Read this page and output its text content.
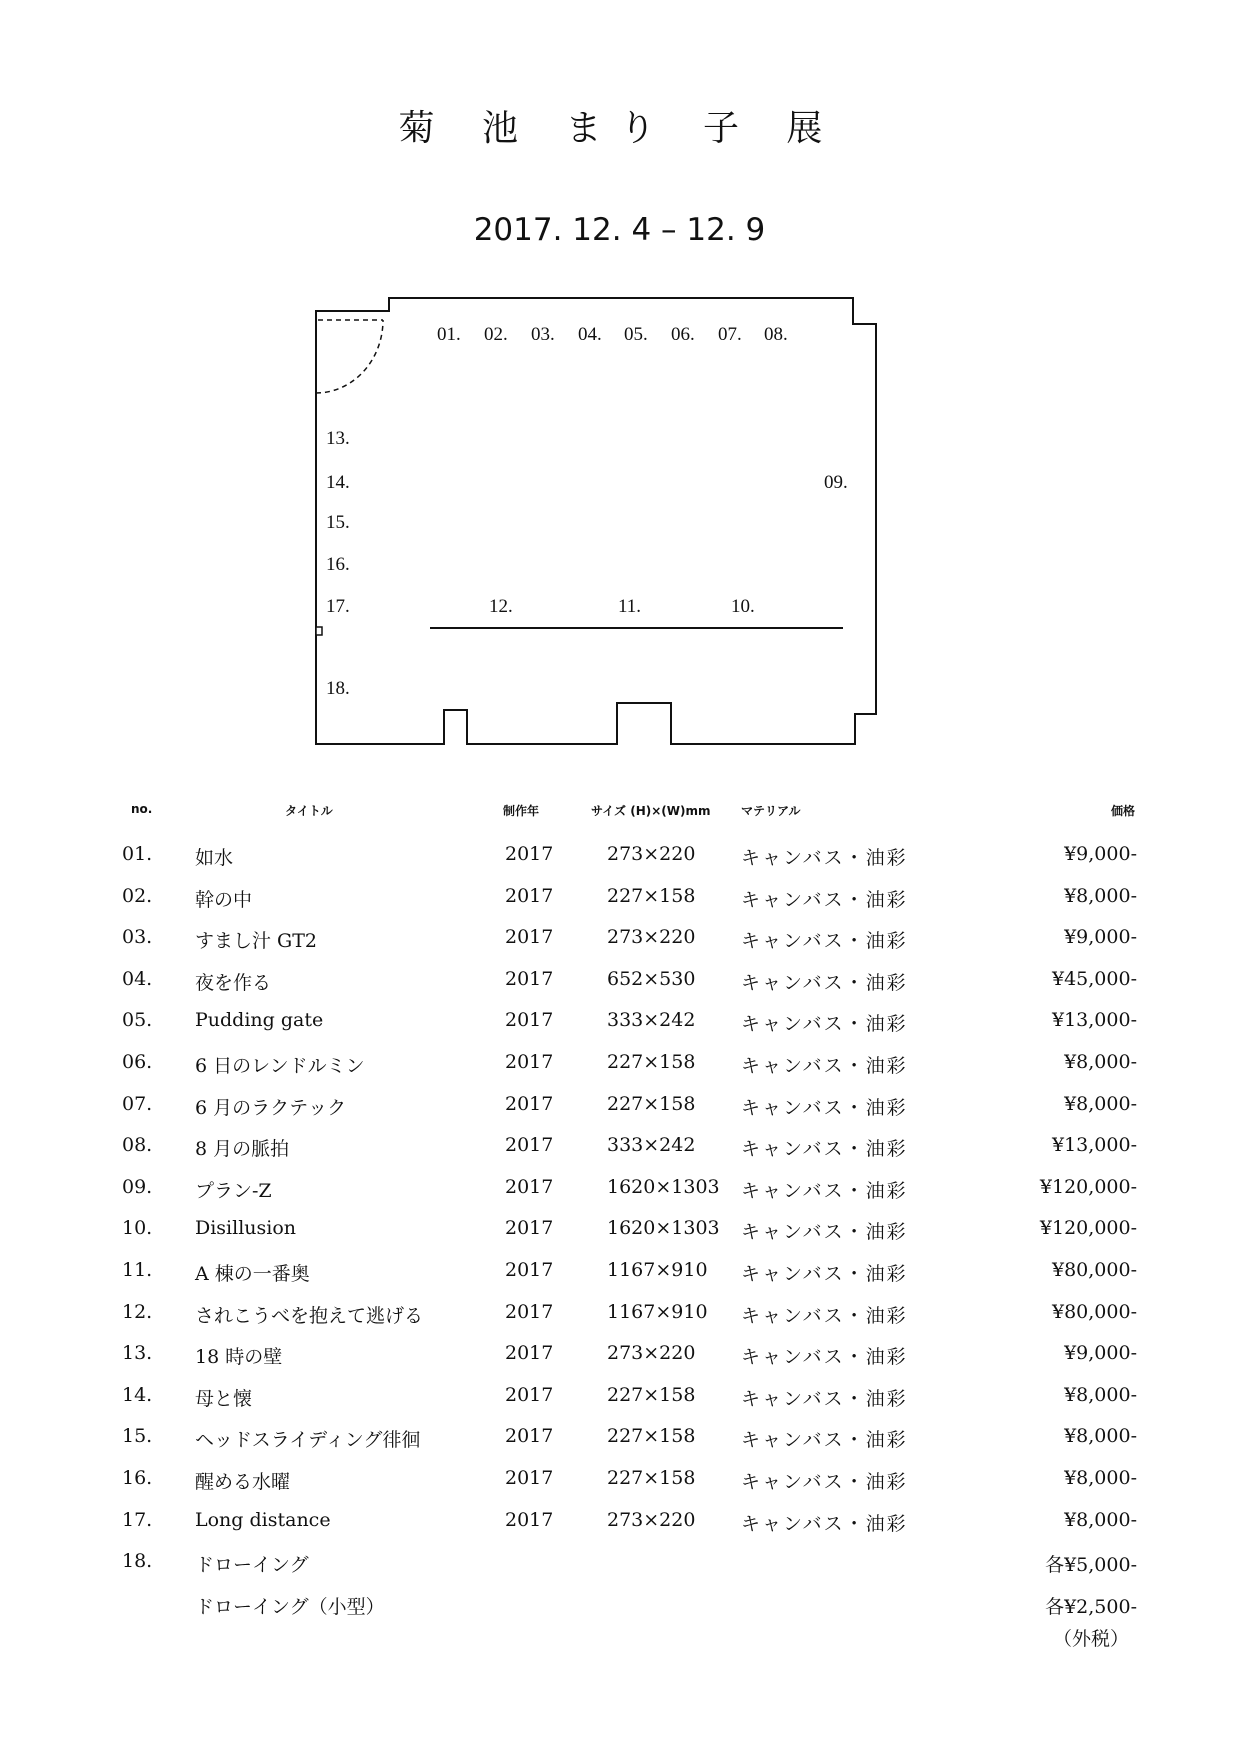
菊 池 まり 子 展
2017. 12. 4 – 12. 9
01. 02. 03. 04. 05. 06. 07. 08.
09.
10.
11.
12.
13.
14.
15.
16.
17.
18.
no.	タイトル	制作年	サイズ (H)×(W)mm	マテリアル	価格
01. 如水	2017	273×220 キャンバス・油彩	¥9,000-
02. 幹の中	2017	227×158 キャンバス・油彩	¥8,000-
03. すまし汁 GT2	2017	273×220 キャンバス・油彩	¥9,000-
04. 夜を作る	2017	652×530 キャンバス・油彩	¥45,000-
05. Pudding gate	2017	333×242 キャンバス・油彩	¥13,000-
06. 6 日のレンドルミン	2017	227×158 キャンバス・油彩	¥8,000-
07. 6 月のラクテック	2017	227×158 キャンバス・油彩	¥8,000-
08. 8 月の脈拍	2017	333×242 キャンバス・油彩	¥13,000-
09. プラン-Z	2017	1620×1303 キャンバス・油彩	¥120,000-
10. Disillusion	2017	1620×1303 キャンバス・油彩	¥120,000-
11. A 棟の一番奥	2017	1167×910 キャンバス・油彩	¥80,000-
12. されこうべを抱えて逃げる	2017	1167×910 キャンバス・油彩	¥80,000-
13. 18 時の壁	2017	273×220 キャンバス・油彩	¥9,000-
14. 母と懐	2017	227×158 キャンバス・油彩	¥8,000-
15. ヘッドスライディング徘徊	2017	227×158 キャンバス・油彩	¥8,000-
16. 醒める水曜	2017	227×158 キャンバス・油彩	¥8,000-
17. Long distance	2017	273×220 キャンバス・油彩	¥8,000-
18. ドローイング	各¥5,000-
ドローイング（小型）	各¥2,500-
（外税）
